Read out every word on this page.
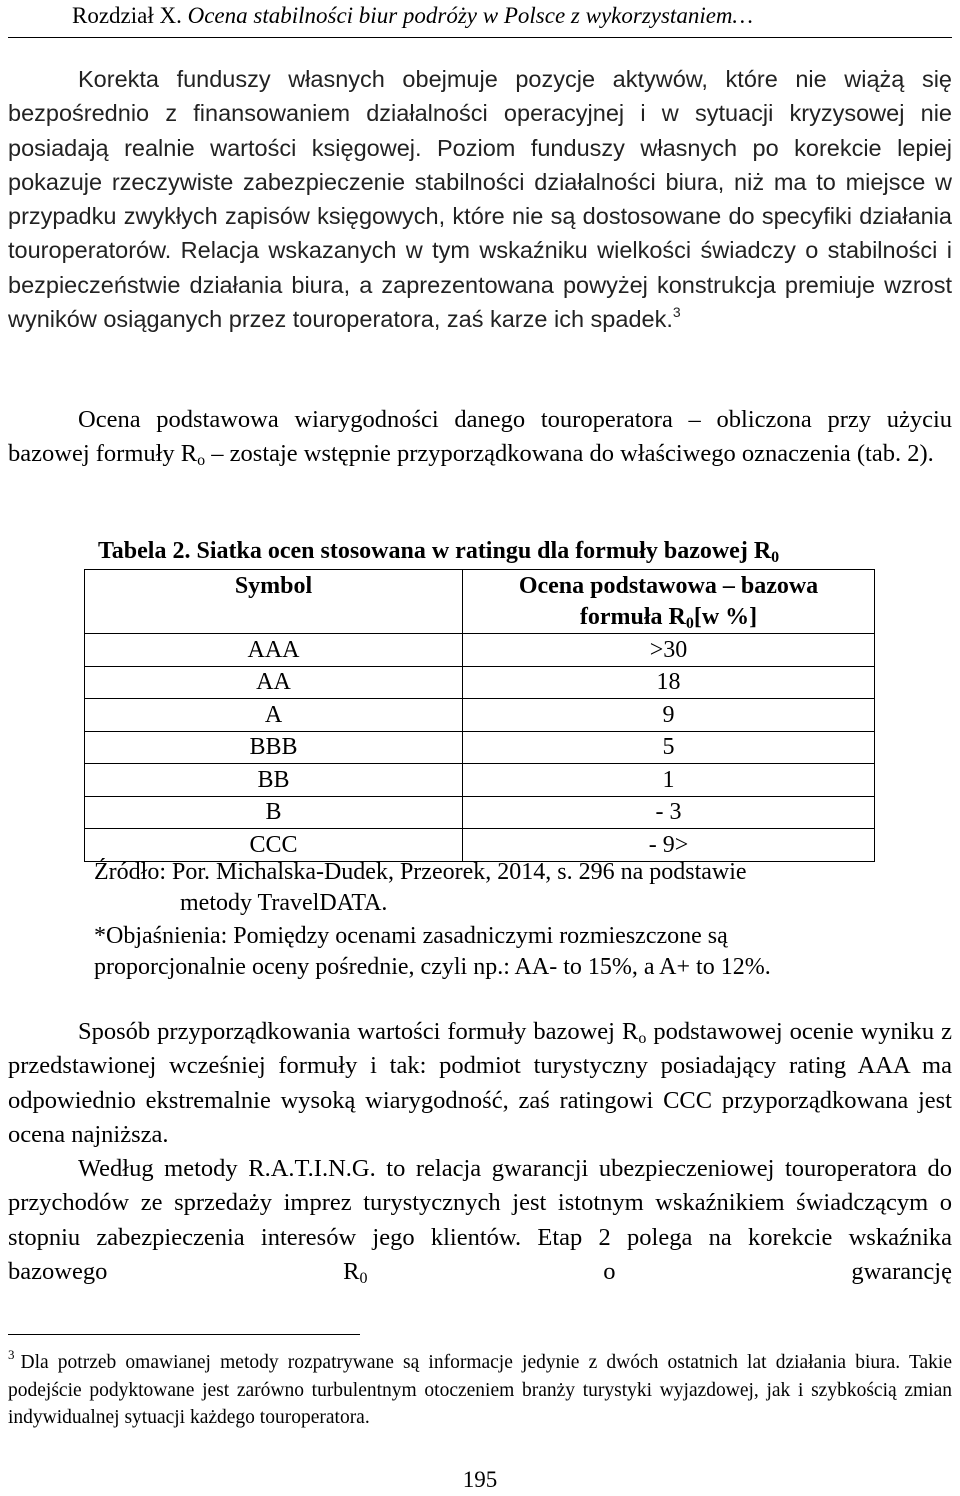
Rozdział X. Ocena stabilności biur podróży w Polsce z wykorzystaniem…
Korekta funduszy własnych obejmuje pozycje aktywów, które nie wiążą się bezpośrednio z finansowaniem działalności operacyjnej i w sytuacji kryzysowej nie posiadają realnie wartości księgowej. Poziom funduszy własnych po korekcie lepiej pokazuje rzeczywiste zabezpieczenie stabilności działalności biura, niż ma to miejsce w przypadku zwykłych zapisów księgowych, które nie są dostosowane do specyfiki działania touroperatorów. Relacja wskazanych w tym wskaźniku wielkości świadczy o stabilności i bezpieczeństwie działania biura, a zaprezentowana powyżej konstrukcja premiuje wzrost wyników osiąganych przez touroperatora, zaś karze ich spadek.$^3$
Ocena podstawowa wiarygodności danego touroperatora – obliczona przy użyciu bazowej formuły $R_o$ – zostaje wstępnie przyporządkowana do właściwego oznaczenia (tab. 2).
Tabela 2. Siatka ocen stosowana w ratingu dla formuły bazowej $R_0$
Symbol	Ocena podstawowa – bazowa
formuła $R_0[w$ %]
AAA	>30
AA	18
A	9
BBB	5
BB	1
B	- 3
CCC	- 9>
Źródło: Por. Michalska-Dudek, Przeorek, 2014, s. 296 na podstawie
metody TravelDATA.
*Objaśnienia: Pomiędzy ocenami zasadniczymi rozmieszczone są
proporcjonalnie oceny pośrednie, czyli np.: AA- to 15%, a A+ to 12%.
Sposób przyporządkowania wartości formuły bazowej $R_o$ podstawowej ocenie wyniku z przedstawionej wcześniej formuły i tak: podmiot turystyczny posiadający rating AAA ma odpowiednio ekstremalnie wysoką wiarygodność, zaś ratingowi CCC przyporządkowana jest ocena najniższa.
Według metody R.A.T.I.N.G. to relacja gwarancji ubezpieczeniowej touroperatora do przychodów ze sprzedaży imprez turystycznych jest istotnym wskaźnikiem świadczącym o stopniu zabezpieczenia interesów jego klientów. Etap 2 polega na korekcie wskaźnika bazowego $R_0$ o gwarancję
$^3$ Dla potrzeb omawianej metody rozpatrywane są informacje jedynie z dwóch ostatnich lat działania biura. Takie podejście podyktowane jest zarówno turbulentnym otoczeniem branży turystyki wyjazdowej, jak i szybkością zmian indywidualnej sytuacji każdego touroperatora.
195
